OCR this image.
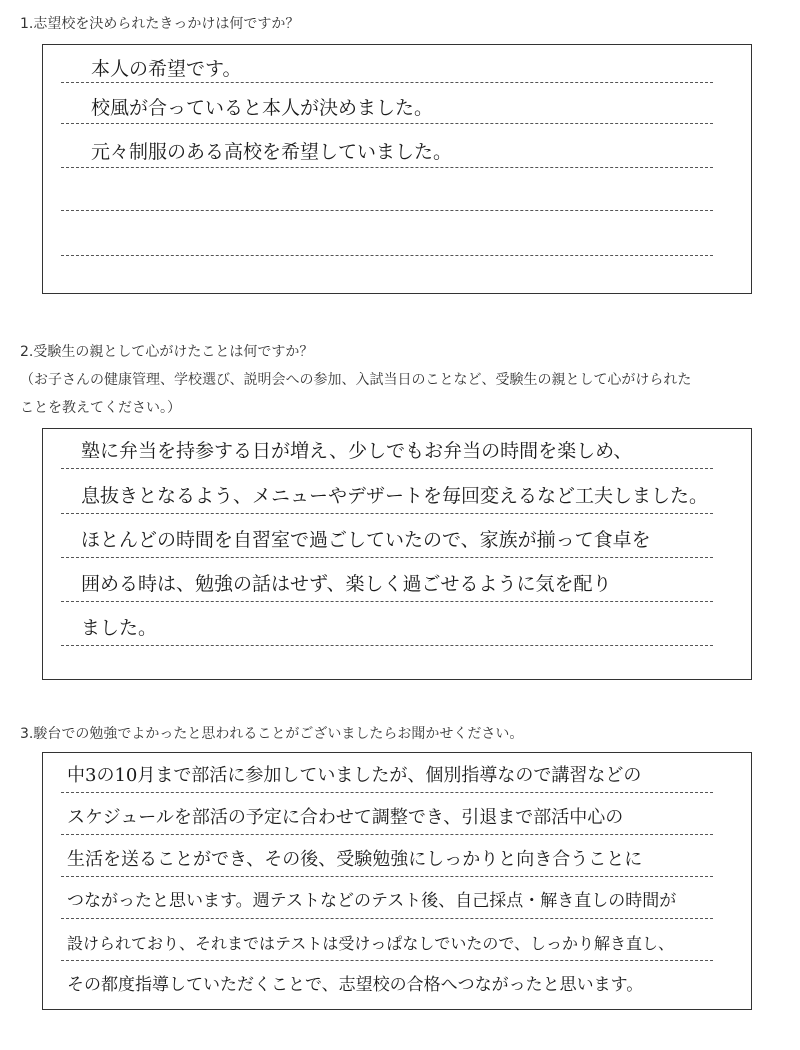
1.志望校を決められたきっかけは何ですか？
本人の希望です。
校風が合っていると本人が決めました。
元々制服のある高校を希望していました。
2.受験生の親として心がけたことは何ですか？
（お子さんの健康管理、学校選び、説明会への参加、入試当日のことなど、受験生の親として心がけられた
ことを教えてください。）
塾に弁当を持参する日が増え、少しでもお弁当の時間を楽しめ、
息抜きとなるよう、メニューやデザートを毎回変えるなど工夫しました。
ほとんどの時間を自習室で過ごしていたので、家族が揃って食卓を
囲める時は、勉強の話はせず、楽しく過ごせるように気を配り
ました。
3.駿台での勉強でよかったと思われることがございましたらお聞かせください。
中3の10月まで部活に参加していましたが、個別指導なので講習などの
スケジュールを部活の予定に合わせて調整でき、引退まで部活中心の
生活を送ることができ、その後、受験勉強にしっかりと向き合うことに
つながったと思います。週テストなどのテスト後、自己採点・解き直しの時間が
設けられており、それまではテストは受けっぱなしでいたので、しっかり解き直し、
その都度指導していただくことで、志望校の合格へつながったと思います。
